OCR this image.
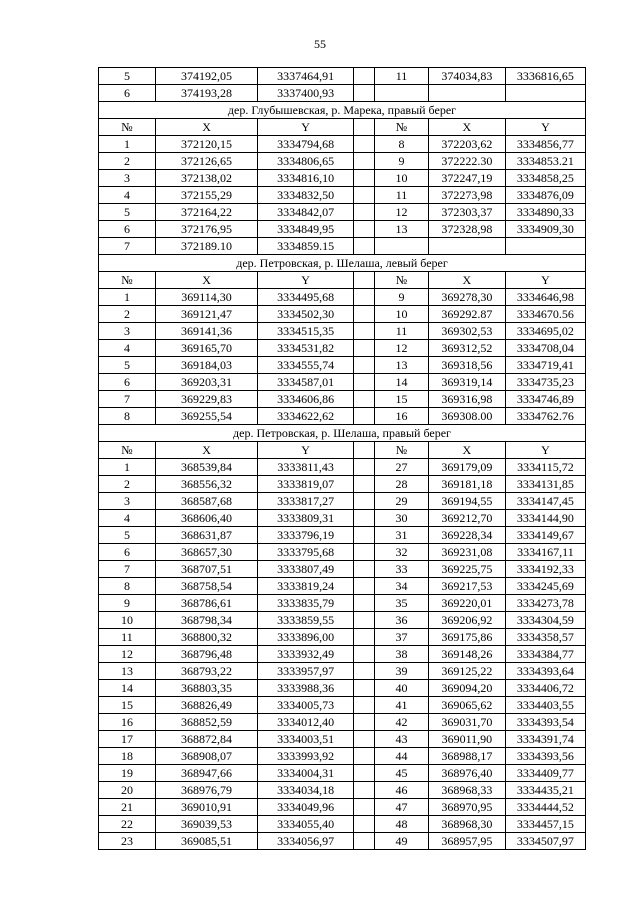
55
5	374192,05	3337464,91		11	374034,83	3336816,65
6	374193,28	3337400,93				
дер. Глубышевская, р. Марека, правый берег						
№	X	Y		№	X	Y
1	372120,15	3334794,68		8	372203,62	3334856,77
2	372126,65	3334806,65		9	372222.30	3334853.21
3	372138,02	3334816,10		10	372247,19	3334858,25
4	372155,29	3334832,50		11	372273,98	3334876,09
5	372164,22	3334842,07		12	372303,37	3334890,33
6	372176,95	3334849,95		13	372328,98	3334909,30
7	372189.10	3334859.15				
дер. Петровская, р. Шелаша, левый берег						
№	X	Y		№	X	Y
1	369114,30	3334495,68		9	369278,30	3334646,98
2	369121,47	3334502,30		10	369292.87	3334670.56
3	369141,36	3334515,35		11	369302,53	3334695,02
4	369165,70	3334531,82		12	369312,52	3334708,04
5	369184,03	3334555,74		13	369318,56	3334719,41
6	369203,31	3334587,01		14	369319,14	3334735,23
7	369229,83	3334606,86		15	369316,98	3334746,89
8	369255,54	3334622,62		16	369308.00	3334762.76
дер. Петровская, р. Шелаша, правый берег						
№	X	Y		№	X	Y
1	368539,84	3333811,43		27	369179,09	3334115,72
2	368556,32	3333819,07		28	369181,18	3334131,85
3	368587,68	3333817,27		29	369194,55	3334147,45
4	368606,40	3333809,31		30	369212,70	3334144,90
5	368631,87	3333796,19		31	369228,34	3334149,67
6	368657,30	3333795,68		32	369231,08	3334167,11
7	368707,51	3333807,49		33	369225,75	3334192,33
8	368758,54	3333819,24		34	369217,53	3334245,69
9	368786,61	3333835,79		35	369220,01	3334273,78
10	368798,34	3333859,55		36	369206,92	3334304,59
11	368800,32	3333896,00		37	369175,86	3334358,57
12	368796,48	3333932,49		38	369148,26	3334384,77
13	368793,22	3333957,97		39	369125,22	3334393,64
14	368803,35	3333988,36		40	369094,20	3334406,72
15	368826,49	3334005,73		41	369065,62	3334403,55
16	368852,59	3334012,40		42	369031,70	3334393,54
17	368872,84	3334003,51		43	369011,90	3334391,74
18	368908,07	3333993,92		44	368988,17	3334393,56
19	368947,66	3334004,31		45	368976,40	3334409,77
20	368976,79	3334034,18		46	368968,33	3334435,21
21	369010,91	3334049,96		47	368970,95	3334444,52
22	369039,53	3334055,40		48	368968,30	3334457,15
23	369085,51	3334056,97		49	368957,95	3334507,97
